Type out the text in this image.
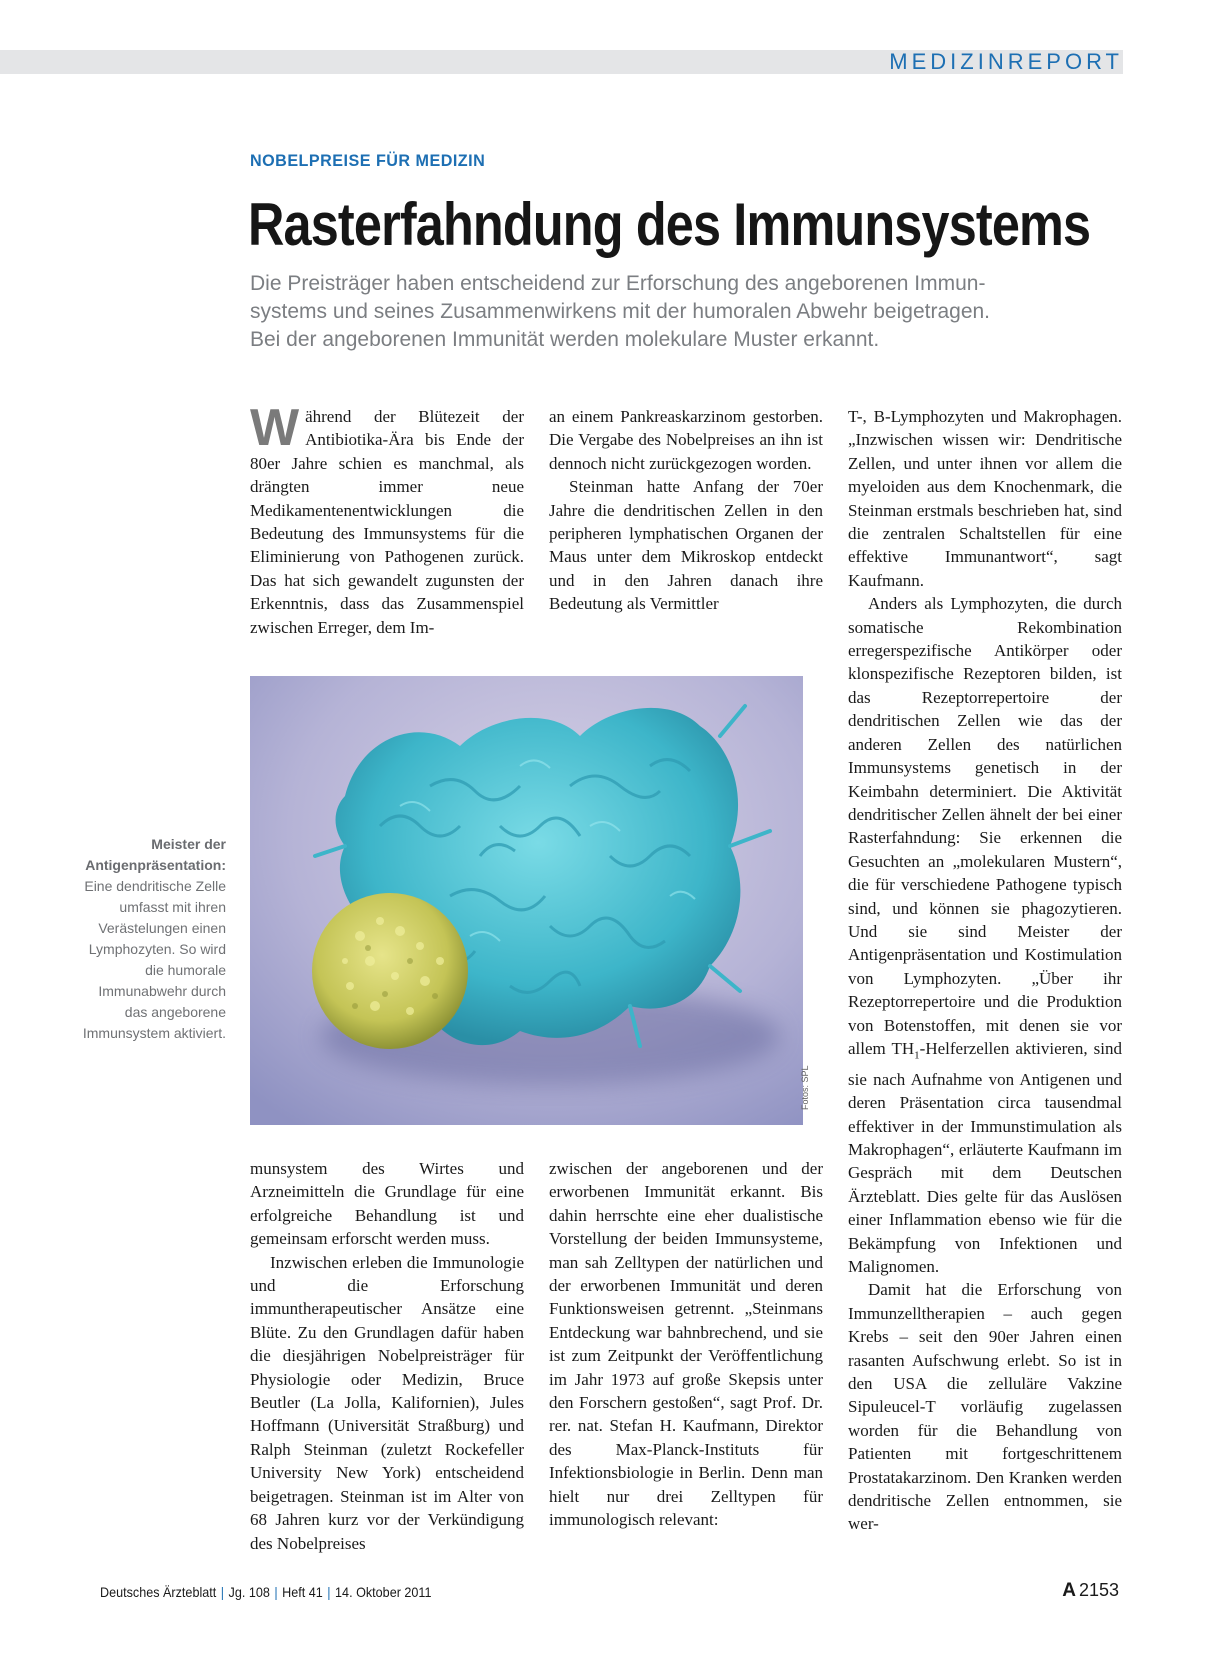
MEDIZINREPORT
NOBELPREISE FÜR MEDIZIN
Rasterfahndung des Immunsystems
Die Preisträger haben entscheidend zur Erforschung des angeborenen Immun-
systems und seines Zusammenwirkens mit der humoralen Abwehr beigetragen.
Bei der angeborenen Immunität werden molekulare Muster erkannt.

Während der Blütezeit der Antibiotika-Ära bis Ende der 80er Jahre schien es manchmal, als drängten immer neue Medikamentenentwicklungen die Bedeutung des Immunsystems für die Eliminierung von Pathogenen zurück. Das hat sich gewandelt zugunsten der Erkenntnis, dass das Zusammenspiel zwischen Erreger, dem Im-

an einem Pankreaskarzinom gestorben. Die Vergabe des Nobelpreises an ihn ist dennoch nicht zurückgezogen worden.

Steinman hatte Anfang der 70er Jahre die dendritischen Zellen in den peripheren lymphatischen Organen der Maus unter dem Mikroskop entdeckt und in den Jahren danach ihre Bedeutung als Vermittler

T-, B-Lymphozyten und Makrophagen. „Inzwischen wissen wir: Dendritische Zellen, und unter ihnen vor allem die myeloiden aus dem Knochenmark, die Steinman erstmals beschrieben hat, sind die zentralen Schaltstellen für eine effektive Immunantwort“, sagt Kaufmann.

Anders als Lymphozyten, die durch somatische Rekombination erregerspezifische Antikörper oder klonspezifische Rezeptoren bilden, ist das Rezeptorrepertoire der dendritischen Zellen wie das der anderen Zellen des natürlichen Immunsystems genetisch in der Keimbahn determiniert. Die Aktivität dendritischer Zellen ähnelt der bei einer Rasterfahndung: Sie erkennen die Gesuchten an „molekularen Mustern“, die für verschiedene Pathogene typisch sind, und können sie phagozytieren. Und sie sind Meister der Antigenpräsentation und Kostimulation von Lymphozyten. „Über ihr Rezeptorrepertoire und die Produktion von Botenstoffen, mit denen sie vor allem $TH_1$-Helferzellen aktivieren, sind sie nach Aufnahme von Antigenen und deren Präsentation circa tausendmal effektiver in der Immunstimulation als Makrophagen“, erläuterte Kaufmann im Gespräch mit dem Deutschen Ärzteblatt. Dies gelte für das Auslösen einer Inflammation ebenso wie für die Bekämpfung von Infektionen und Malignomen.

Damit hat die Erforschung von Immunzelltherapien – auch gegen Krebs – seit den 90er Jahren einen rasanten Aufschwung erlebt. So ist in den USA die zelluläre Vakzine Sipuleucel-T vorläufig zugelassen worden für die Behandlung von Patienten mit fortgeschrittenem Prostatakarzinom. Den Kranken werden dendritische Zellen entnommen, sie wer-

Fotos: SPL
Meister der Antigenpräsentation:
Eine dendritische Zelle umfasst mit ihren Verästelungen einen Lymphozyten. So wird die humorale Immunabwehr durch das angeborene Immunsystem aktiviert.

munsystem des Wirtes und Arzneimitteln die Grundlage für eine erfolgreiche Behandlung ist und gemeinsam erforscht werden muss.

Inzwischen erleben die Immunologie und die Erforschung immuntherapeutischer Ansätze eine Blüte. Zu den Grundlagen dafür haben die diesjährigen Nobelpreisträger für Physiologie oder Medizin, Bruce Beutler (La Jolla, Kalifornien), Jules Hoffmann (Universität Straßburg) und Ralph Steinman (zuletzt Rockefeller University New York) entscheidend beigetragen. Steinman ist im Alter von 68 Jahren kurz vor der Verkündigung des Nobelpreises

zwischen der angeborenen und der erworbenen Immunität erkannt. Bis dahin herrschte eine eher dualistische Vorstellung der beiden Immunsysteme, man sah Zelltypen der natürlichen und der erworbenen Immunität und deren Funktionsweisen getrennt. „Steinmans Entdeckung war bahnbrechend, und sie ist zum Zeitpunkt der Veröffentlichung im Jahr 1973 auf große Skepsis unter den Forschern gestoßen“, sagt Prof. Dr. rer. nat. Stefan H. Kaufmann, Direktor des Max-Planck-Instituts für Infektionsbiologie in Berlin. Denn man hielt nur drei Zelltypen für immunologisch relevant:

Deutsches Ärzteblatt | Jg. 108 | Heft 41 | 14. Oktober 2011	A 2153
